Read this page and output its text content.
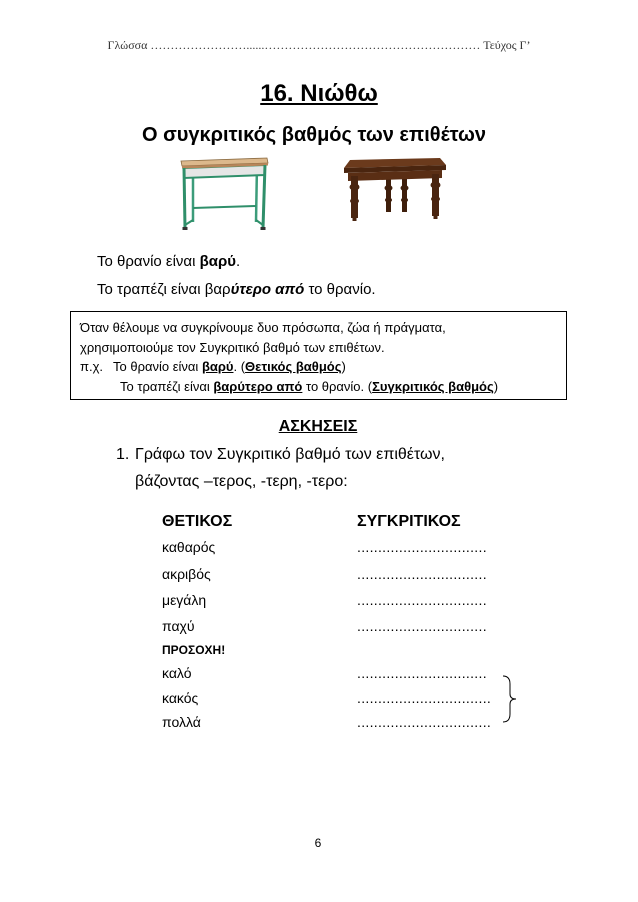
Γλώσσα ……………………......……………………………………………… Τεύχος Γ’
16. Νιώθω
Ο συγκριτικός βαθμός των επιθέτων
Το θρανίο είναι βαρύ.
Το τραπέζι είναι βαρύτερο από το θρανίο.
Όταν θέλουμε να συγκρίνουμε δυο πρόσωπα, ζώα ή πράγματα,
χρησιμοποιούμε τον Συγκριτικό βαθμό των επιθέτων.
π.χ. Το θρανίο είναι βαρύ. (Θετικός βαθμός)
Το τραπέζι είναι βαρύτερο από το θρανίο. (Συγκριτικός βαθμός)
ΑΣΚΗΣΕΙΣ
1. Γράφω τον Συγκριτικό βαθμό των επιθέτων,
βάζοντας –τερος, -τερη, -τερο:
ΘΕΤΙΚΟΣ	ΣΥΓΚΡΙΤΙΚΟΣ
καθαρός	...............................
ακριβός	...............................
μεγάλη	...............................
παχύ	...............................
ΠΡΟΣΟΧΗ!
καλό	...............................
κακός	................................
πολλά	................................
6
